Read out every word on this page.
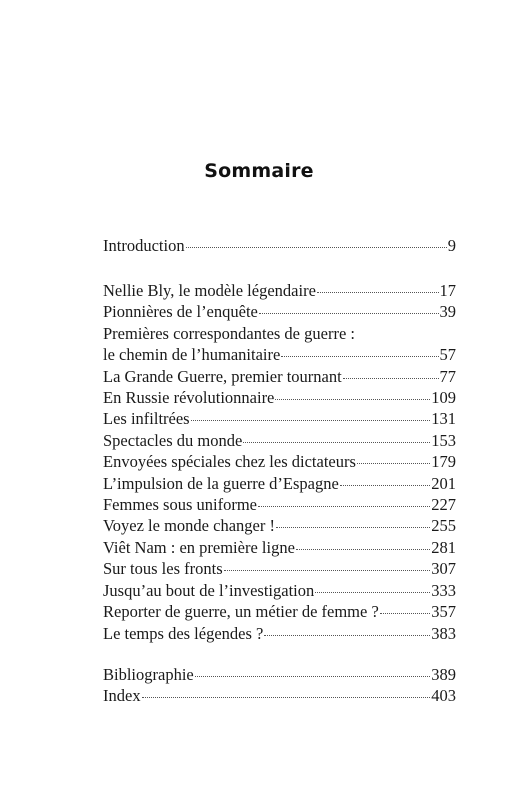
Sommaire
Introduction	9
Nellie Bly, le modèle légendaire	17
Pionnières de l’enquête	39
Premières correspondantes de guerre :
le chemin de l’humanitaire	57
La Grande Guerre, premier tournant	77
En Russie révolutionnaire	109
Les infiltrées	131
Spectacles du monde	153
Envoyées spéciales chez les dictateurs	179
L’impulsion de la guerre d’Espagne	201
Femmes sous uniforme	227
Voyez le monde changer !	255
Viêt Nam : en première ligne	281
Sur tous les fronts	307
Jusqu’au bout de l’investigation	333
Reporter de guerre, un métier de femme ?	357
Le temps des légendes ?	383
Bibliographie	389
Index	403
